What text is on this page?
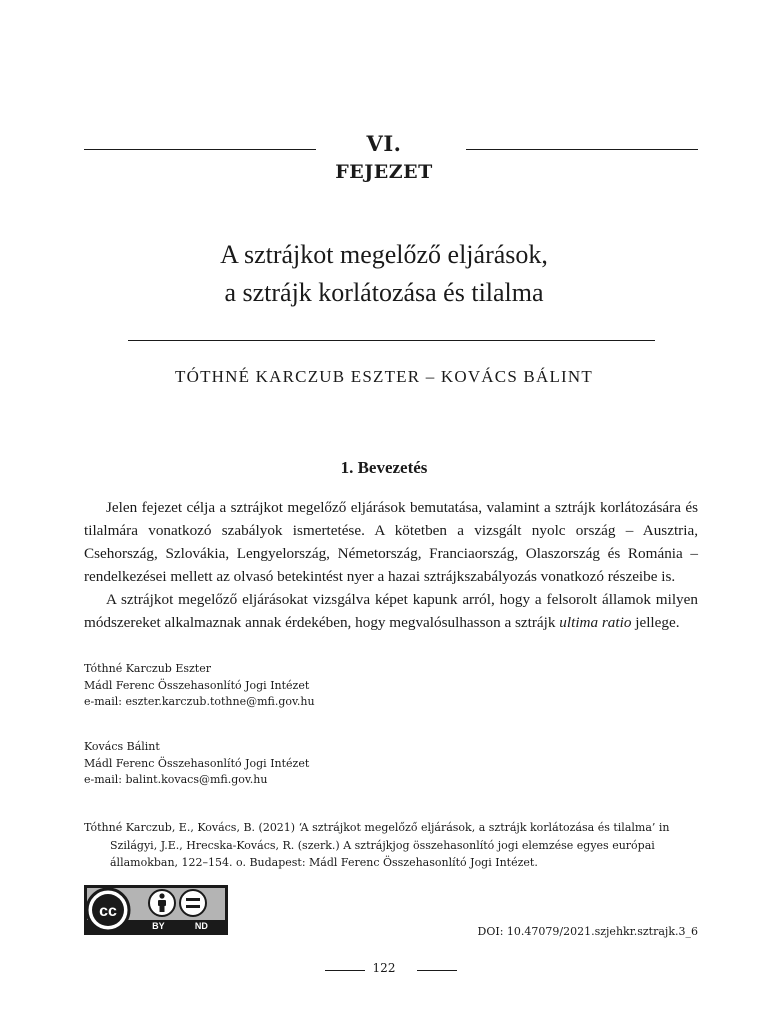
VI.
FEJEZET
A sztrájkot megelőző eljárások,
a sztrájk korlátozása és tilalma
TÓTHNÉ KARCZUB ESZTER – KOVÁCS BÁLINT
1. Bevezetés

Jelen fejezet célja a sztrájkot megelőző eljárások bemutatása, valamint a sztrájk korlátozására és tilalmára vonatkozó szabályok ismertetése. A kötetben a vizsgált nyolc ország – Ausztria, Csehország, Szlovákia, Lengyelország, Németország, Franciaország, Olaszország és Románia – rendelkezései mellett az olvasó betekintést nyer a hazai sztrájkszabályozás vonatkozó részeibe is.

A sztrájkot megelőző eljárásokat vizsgálva képet kapunk arról, hogy a felsorolt államok milyen módszereket alkalmaznak annak érdekében, hogy megvalósulhasson a sztrájk ultima ratio jellege.

Tóthné Karczub Eszter
Mádl Ferenc Összehasonlító Jogi Intézet
e-mail: eszter.karczub.tothne@mfi.gov.hu
Kovács Bálint
Mádl Ferenc Összehasonlító Jogi Intézet
e-mail: balint.kovacs@mfi.gov.hu
Tóthné Karczub, E., Kovács, B. (2021) ‘A sztrájkot megelőző eljárások, a sztrájk korlátozása és tilalma’ in Szilágyi, J.E., Hrecska-Kovács, R. (szerk.) A sztrájkjog összehasonlító jogi elemzése egyes európai államokban, 122–154. o. Budapest: Mádl Ferenc Összehasonlító Jogi Intézet.
cc
BY	ND	DOI: 10.47079/2021.szjehkr.sztrajk.3_6
122
